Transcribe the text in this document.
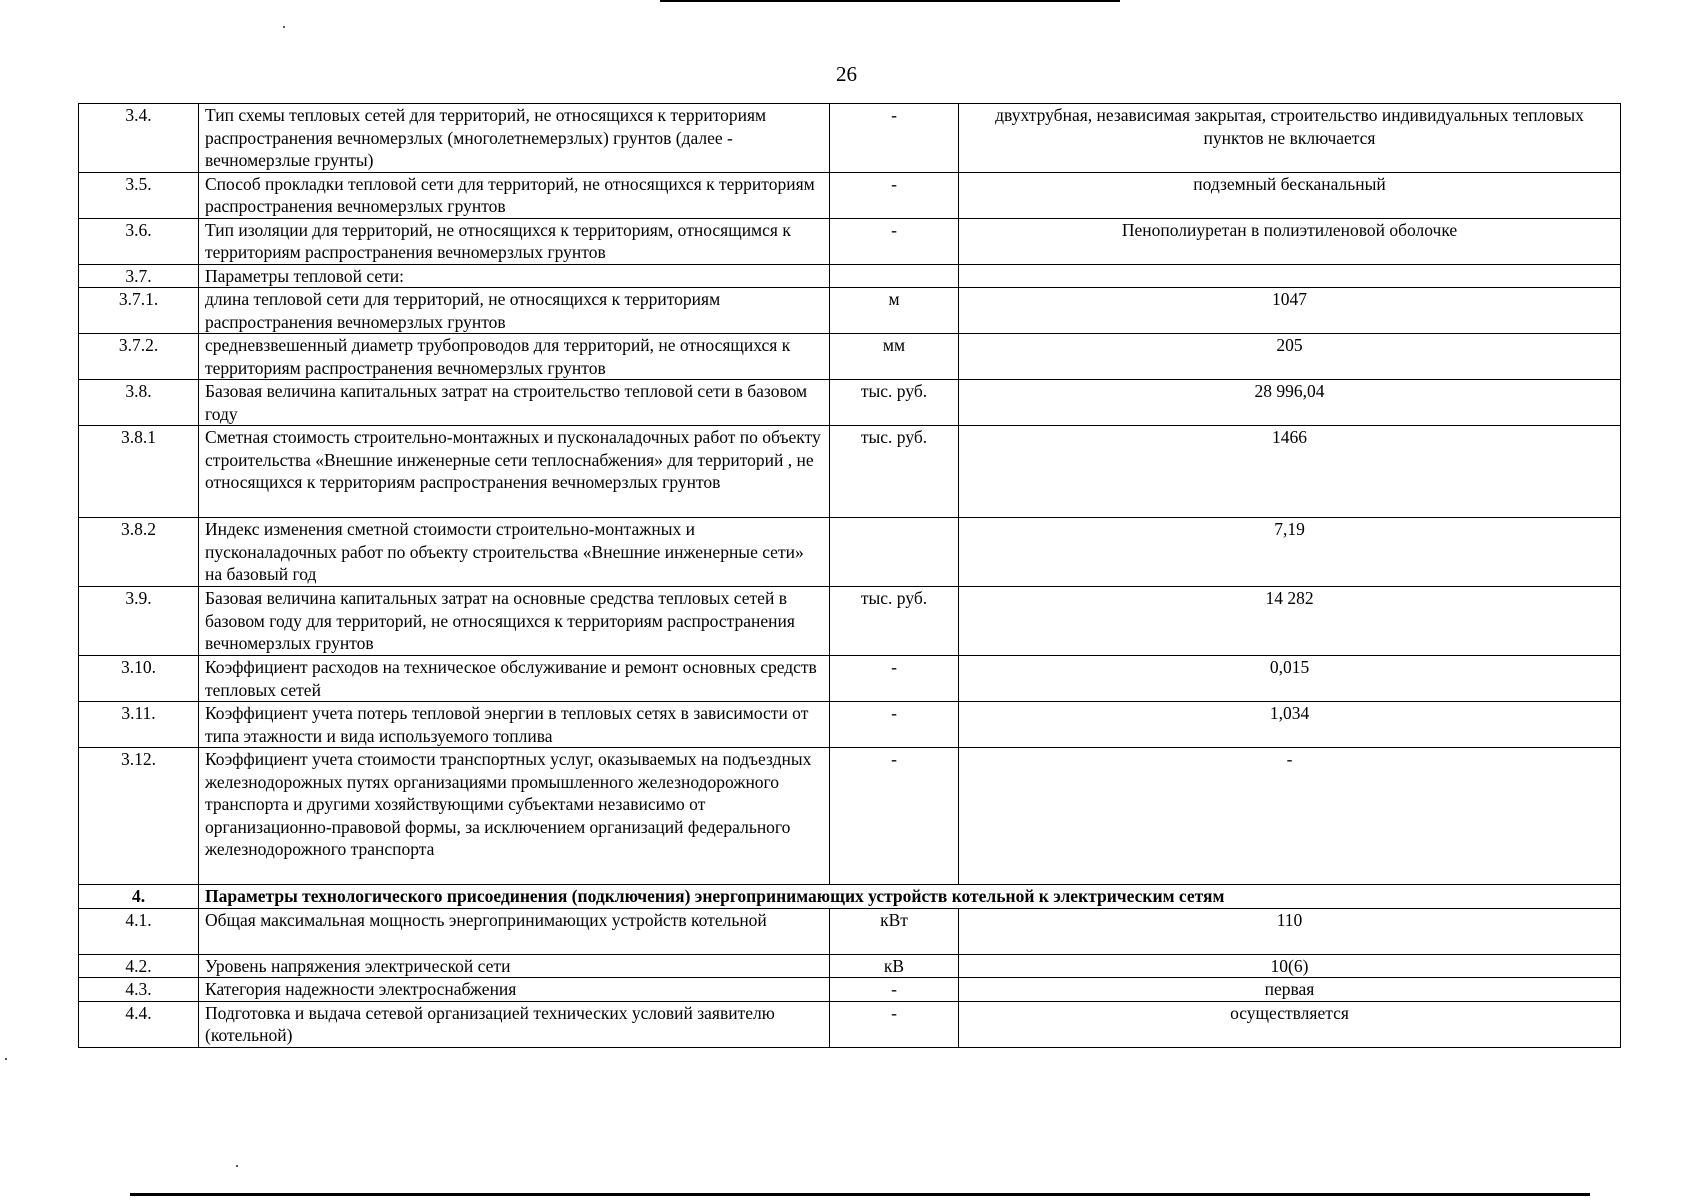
26
3.4.	Тип схемы тепловых сетей для территорий, не относящихся к территориям распространения вечномерзлых (многолетнемерзлых) грунтов (далее - вечномерзлые грунты)	-	двухтрубная, независимая закрытая, строительство индивидуальных тепловых пунктов не включается
3.5.	Способ прокладки тепловой сети для территорий, не относящихся к территориям распространения вечномерзлых грунтов	-	подземный бесканальный
3.6.	Тип изоляции для территорий, не относящихся к территориям, относящимся к территориям распространения вечномерзлых грунтов	-	Пенополиуретан в полиэтиленовой оболочке
3.7.	Параметры тепловой сети:		
3.7.1.	длина тепловой сети для территорий, не относящихся к территориям распространения вечномерзлых грунтов	м	1047
3.7.2.	средневзвешенный диаметр трубопроводов для территорий, не относящихся к территориям распространения вечномерзлых грунтов	мм	205
3.8.	Базовая величина капитальных затрат на строительство тепловой сети в базовом году	тыс. руб.	28 996,04
3.8.1	Сметная стоимость строительно-монтажных и пусконаладочных работ по объекту строительства «Внешние инженерные сети теплоснабжения» для территорий , не относящихся к территориям распространения вечномерзлых грунтов	тыс. руб.	1466
3.8.2	Индекс изменения сметной стоимости строительно-монтажных и пусконаладочных работ по объекту строительства «Внешние инженерные сети» на базовый год		7,19
3.9.	Базовая величина капитальных затрат на основные средства тепловых сетей в базовом году для территорий, не относящихся к территориям распространения вечномерзлых грунтов	тыс. руб.	14 282
3.10.	Коэффициент расходов на техническое обслуживание и ремонт основных средств тепловых сетей	-	0,015
3.11.	Коэффициент учета потерь тепловой энергии в тепловых сетях в зависимости от типа этажности и вида используемого топлива	-	1,034
3.12.	Коэффициент учета стоимости транспортных услуг, оказываемых на подъездных железнодорожных путях организациями промышленного железнодорожного транспорта и другими хозяйствующими субъектами независимо от организационно-правовой формы, за исключением организаций федерального железнодорожного транспорта	-	-
4.	Параметры технологического присоединения (подключения) энергопринимающих устройств котельной к электрическим сетям		
4.1.	Общая максимальная мощность энергопринимающих устройств котельной	кВт	110
4.2.	Уровень напряжения электрической сети	кВ	10(6)
4.3.	Категория надежности электроснабжения	-	первая
4.4.	Подготовка и выдача сетевой организацией технических условий заявителю (котельной)	-	осуществляется
